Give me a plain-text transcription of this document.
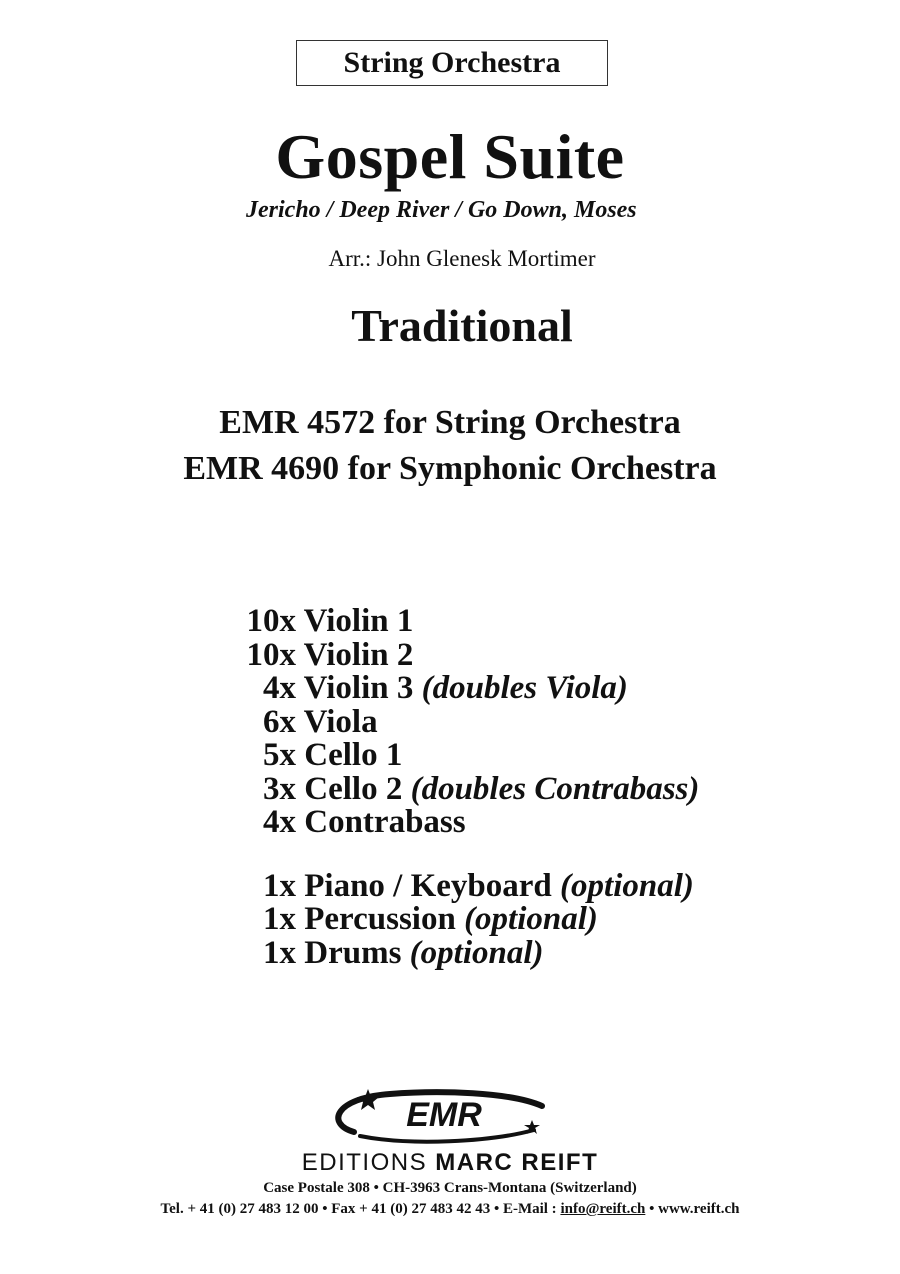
String Orchestra
Gospel Suite
Jericho / Deep River / Go Down, Moses
Arr.: John Glenesk Mortimer
Traditional
EMR 4572 for String Orchestra
EMR 4690 for Symphonic Orchestra
10x Violin 1
10x Violin 2
4x Violin 3 (doubles Viola)
6x Viola
5x Cello 1
3x Cello 2 (doubles Contrabass)
4x Contrabass
1x Piano / Keyboard (optional)
1x Percussion (optional)
1x Drums (optional)
EMR
EDITIONS MARC REIFT
Case Postale 308 • CH-3963 Crans-Montana (Switzerland)
Tel. + 41 (0) 27 483 12 00 • Fax + 41 (0) 27 483 42 43 • E-Mail : info@reift.ch • www.reift.ch
